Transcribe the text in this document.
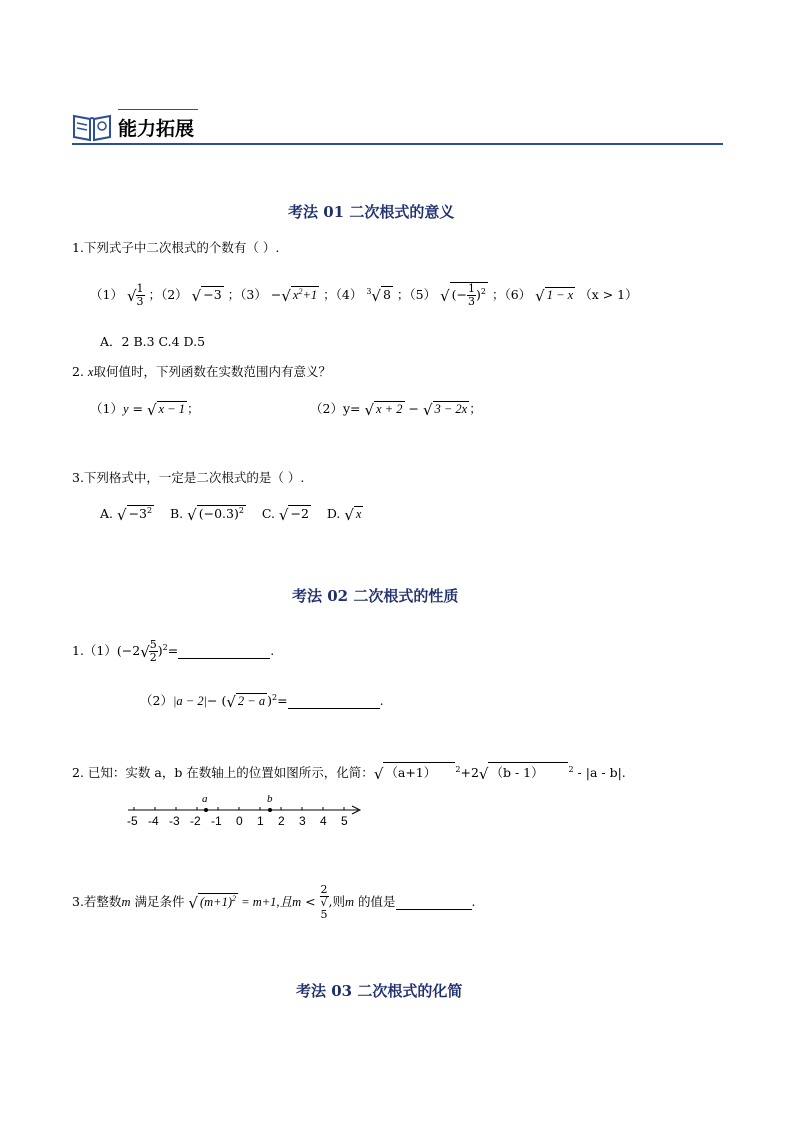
能力拓展
考法 01 二次根式的意义
1.下列式子中二次根式的个数有（ ）.
（1） √ $\frac{1}{3}$ ；（2） √ −3 ；（3） −√ $x^2+1$ ；（4） $^3$√ 8 ；（5） √ (− $\frac{1}{3} )^2$ ；（6） √ 1 − x （x > 1）
A．2 B.3 C.4 D.5
2. x取何值时，下列函数在实数范围内有意义？
（1）y = √ x − 1 ；	（2）y= √ x + 2 − √ 3 − 2x ；
3.下列格式中，一定是二次根式的是（ ）.
A. √ $-3^2$ B. √ $(-0.3)^2$ C. √ −2 D. √ x
考法 02 二次根式的性质
$1.(1)(-2√ \frac{5}{2} )^2=$	.
（2）|a − 2|− (√ 2 − a )$^2$=	.
2. 已知：实数 a，b 在数轴上的位置如图所示，化简：√ （a+1） $^2$+2√ （b - 1）	$^2$ - |a - b|.
a	b
-5 -4 -3 -2 -1 0 1 2 3 4 5
3.若整数m 满足条件 √ $(m+1)^2 = m+1$,且m < 2
√
5 ,则m 的值是	.
考法 03 二次根式的化简
